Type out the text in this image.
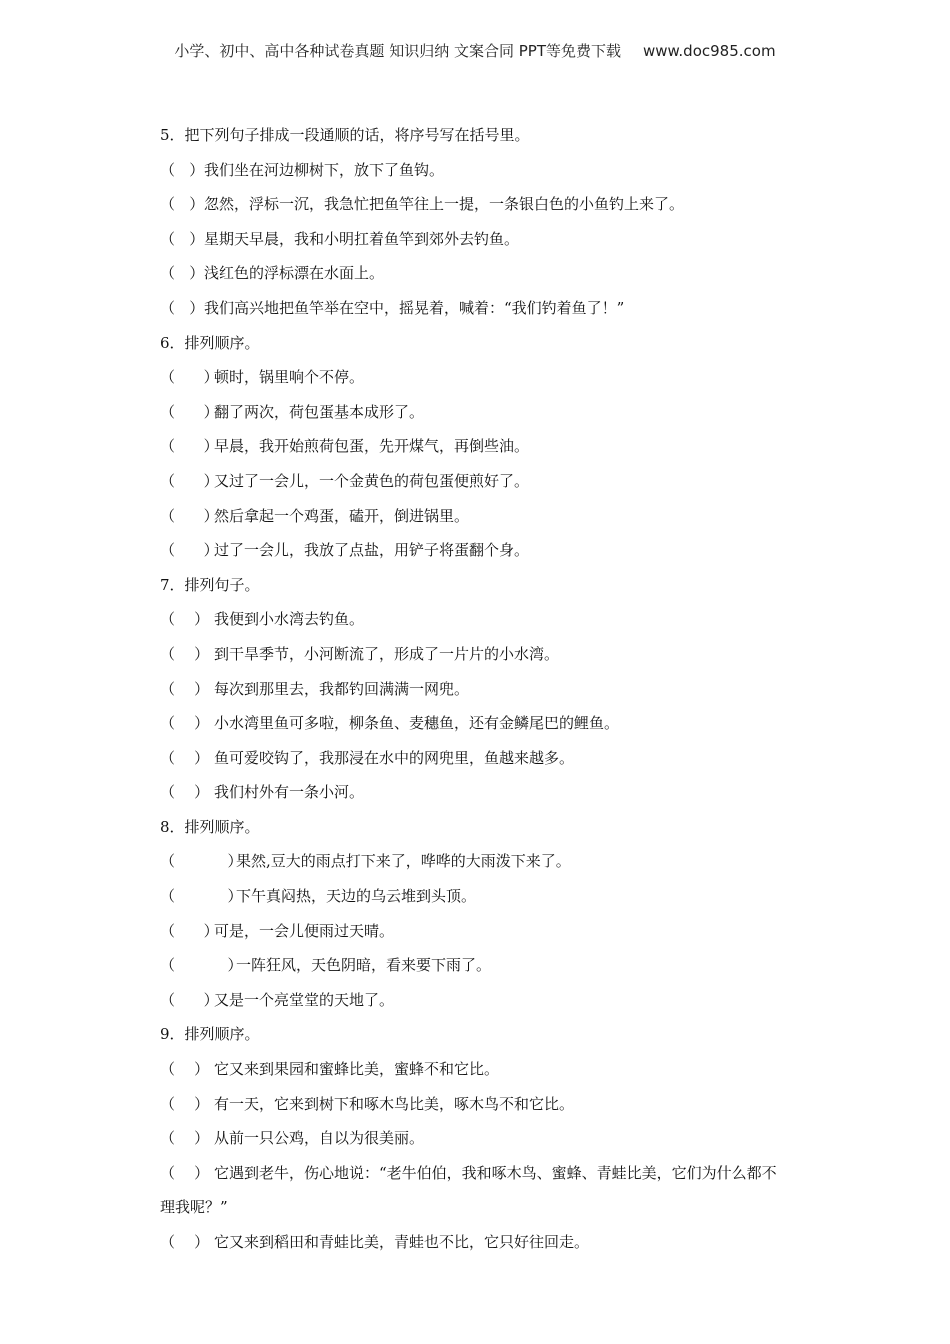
小学、初中、高中各种试卷真题 知识归纳 文案合同 PPT等免费下载 www.doc985.com
5．把下列句子排成一段通顺的话，将序号写在括号里。
（   ）我们坐在河边柳树下，放下了鱼钩。
（   ）忽然，浮标一沉，我急忙把鱼竿往上一提，一条银白色的小鱼钓上来了。
（   ）星期天早晨，我和小明扛着鱼竿到郊外去钓鱼。
（   ）浅红色的浮标漂在水面上。
（   ）我们高兴地把鱼竿举在空中，摇晃着，喊着：“我们钓着鱼了！”
6．排列顺序。
（      ）顿时，锅里响个不停。
（      ）翻了两次，荷包蛋基本成形了。
（      ）早晨，我开始煎荷包蛋，先开煤气，再倒些油。
（      ）又过了一会儿，一个金黄色的荷包蛋便煎好了。
（      ）然后拿起一个鸡蛋，磕开，倒进锅里。
（      ）过了一会儿，我放了点盐，用铲子将蛋翻个身。
7．排列句子。
（    ） 我便到小水湾去钓鱼。
（    ） 到干旱季节，小河断流了，形成了一片片的小水湾。
（    ） 每次到那里去，我都钓回满满一网兜。
（    ） 小水湾里鱼可多啦，柳条鱼、麦穗鱼，还有金鳞尾巴的鲤鱼。
（    ） 鱼可爱咬钩了，我那浸在水中的网兜里，鱼越来越多。
（    ） 我们村外有一条小河。
8．排列顺序。
（           ）果然,豆大的雨点打下来了，哗哗的大雨泼下来了。
（           ）下午真闷热，天边的乌云堆到头顶。
（      ）可是，一会儿便雨过天晴。
（           ）一阵狂风，天色阴暗，看来要下雨了。
（      ）又是一个亮堂堂的天地了。
9．排列顺序。
（    ） 它又来到果园和蜜蜂比美，蜜蜂不和它比。
（    ） 有一天，它来到树下和啄木鸟比美，啄木鸟不和它比。
（    ） 从前一只公鸡，自以为很美丽。
（    ） 它遇到老牛，伤心地说：“老牛伯伯，我和啄木鸟、蜜蜂、青蛙比美，它们为什么都不理我呢？”
（    ） 它又来到稻田和青蛙比美，青蛙也不比，它只好往回走。
